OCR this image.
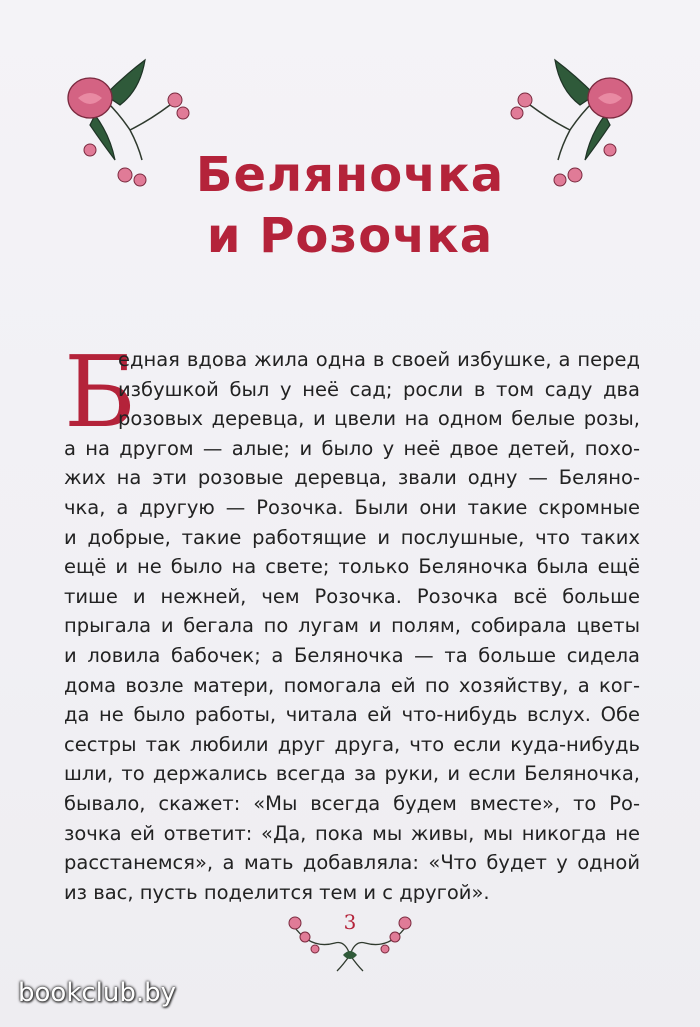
Беляночка
и Розочка
Б
едная вдова жила одна в своей избушке, а перед
избушкой был у неё сад; росли в том саду два
розовых деревца, и цвели на одном белые розы,
а на другом — алые; и было у неё двое детей, похо-
жих на эти розовые деревца, звали одну — Беляно-
чка, а другую — Розочка. Были они такие скромные
и добрые, такие работящие и послушные, что таких
ещё и не было на свете; только Беляночка была ещё
тише и нежней, чем Розочка. Розочка всё больше
прыгала и бегала по лугам и полям, собирала цветы
и ловила бабочек; а Беляночка — та больше сидела
дома возле матери, помогала ей по хозяйству, а ког-
да не было работы, читала ей что-нибудь вслух. Обе
сестры так любили друг друга, что если куда-нибудь
шли, то держались всегда за руки, и если Беляночка,
бывало, скажет: «Мы всегда будем вместе», то Ро-
зочка ей ответит: «Да, пока мы живы, мы никогда не
расстанемся», а мать добавляла: «Что будет у одной
из вас, пусть поделится тем и с другой».
3
bookclub.by
